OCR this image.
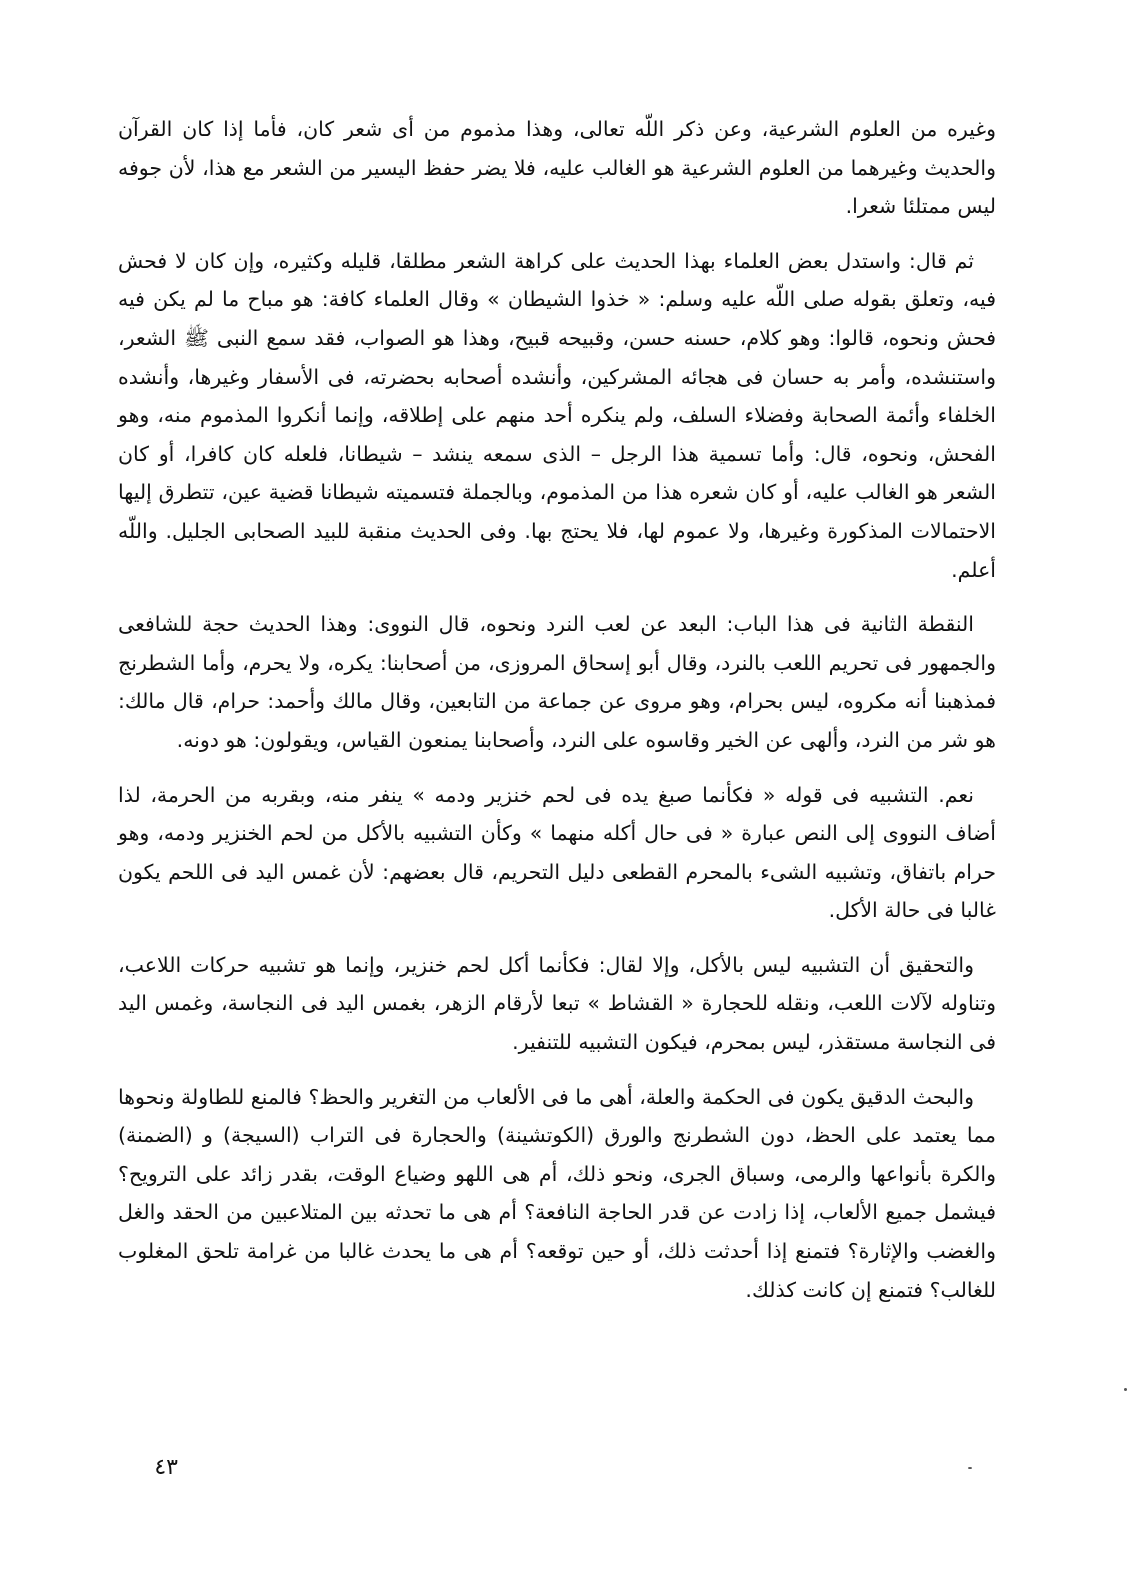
وغيره من العلوم الشرعية، وعن ذكر اللّه تعالى، وهذا مذموم من أى شعر كان، فأما إذا كان القرآن والحديث وغيرهما من العلوم الشرعية هو الغالب عليه، فلا يضر حفظ اليسير من الشعر مع هذا، لأن جوفه ليس ممتلئا شعرا.

ثم قال: واستدل بعض العلماء بهذا الحديث على كراهة الشعر مطلقا، قليله وكثيره، وإن كان لا فحش فيه، وتعلق بقوله صلى اللّه عليه وسلم: « خذوا الشيطان » وقال العلماء كافة: هو مباح ما لم يكن فيه فحش ونحوه، قالوا: وهو كلام، حسنه حسن، وقبيحه قبيح، وهذا هو الصواب، فقد سمع النبى ﷺ الشعر، واستنشده، وأمر به حسان فى هجائه المشركين، وأنشده أصحابه بحضرته، فى الأسفار وغيرها، وأنشده الخلفاء وأئمة الصحابة وفضلاء السلف، ولم ينكره أحد منهم على إطلاقه، وإنما أنكروا المذموم منه، وهو الفحش، ونحوه، قال: وأما تسمية هذا الرجل – الذى سمعه ينشد – شيطانا، فلعله كان كافرا، أو كان الشعر هو الغالب عليه، أو كان شعره هذا من المذموم، وبالجملة فتسميته شيطانا قضية عين، تتطرق إليها الاحتمالات المذكورة وغيرها، ولا عموم لها، فلا يحتج بها. وفى الحديث منقبة للبيد الصحابى الجليل. واللّه أعلم.

النقطة الثانية فى هذا الباب: البعد عن لعب النرد ونحوه، قال النووى: وهذا الحديث حجة للشافعى والجمهور فى تحريم اللعب بالنرد، وقال أبو إسحاق المروزى، من أصحابنا: يكره، ولا يحرم، وأما الشطرنج فمذهبنا أنه مكروه، ليس بحرام، وهو مروى عن جماعة من التابعين، وقال مالك وأحمد: حرام، قال مالك: هو شر من النرد، وألهى عن الخير وقاسوه على النرد، وأصحابنا يمنعون القياس، ويقولون: هو دونه.

نعم. التشبيه فى قوله « فكأنما صبغ يده فى لحم خنزير ودمه » ينفر منه، وبقربه من الحرمة، لذا أضاف النووى إلى النص عبارة « فى حال أكله منهما » وكأن التشبيه بالأكل من لحم الخنزير ودمه، وهو حرام باتفاق، وتشبيه الشىء بالمحرم القطعى دليل التحريم، قال بعضهم: لأن غمس اليد فى اللحم يكون غالبا فى حالة الأكل.

والتحقيق أن التشبيه ليس بالأكل، وإلا لقال: فكأنما أكل لحم خنزير، وإنما هو تشبيه حركات اللاعب، وتناوله لآلات اللعب، ونقله للحجارة « القشاط » تبعا لأرقام الزهر، بغمس اليد فى النجاسة، وغمس اليد فى النجاسة مستقذر، ليس بمحرم، فيكون التشبيه للتنفير.

والبحث الدقيق يكون فى الحكمة والعلة، أهى ما فى الألعاب من التغرير والحظ؟ فالمنع للطاولة ونحوها مما يعتمد على الحظ، دون الشطرنج والورق (الكوتشينة) والحجارة فى التراب (السيجة) و (الضمنة) والكرة بأنواعها والرمى، وسباق الجرى، ونحو ذلك، أم هى اللهو وضياع الوقت، بقدر زائد على الترويح؟ فيشمل جميع الألعاب، إذا زادت عن قدر الحاجة النافعة؟ أم هى ما تحدثه بين المتلاعبين من الحقد والغل والغضب والإثارة؟ فتمنع إذا أحدثت ذلك، أو حين توقعه؟ أم هى ما يحدث غالبا من غرامة تلحق المغلوب للغالب؟ فتمنع إن كانت كذلك.

٤٣
